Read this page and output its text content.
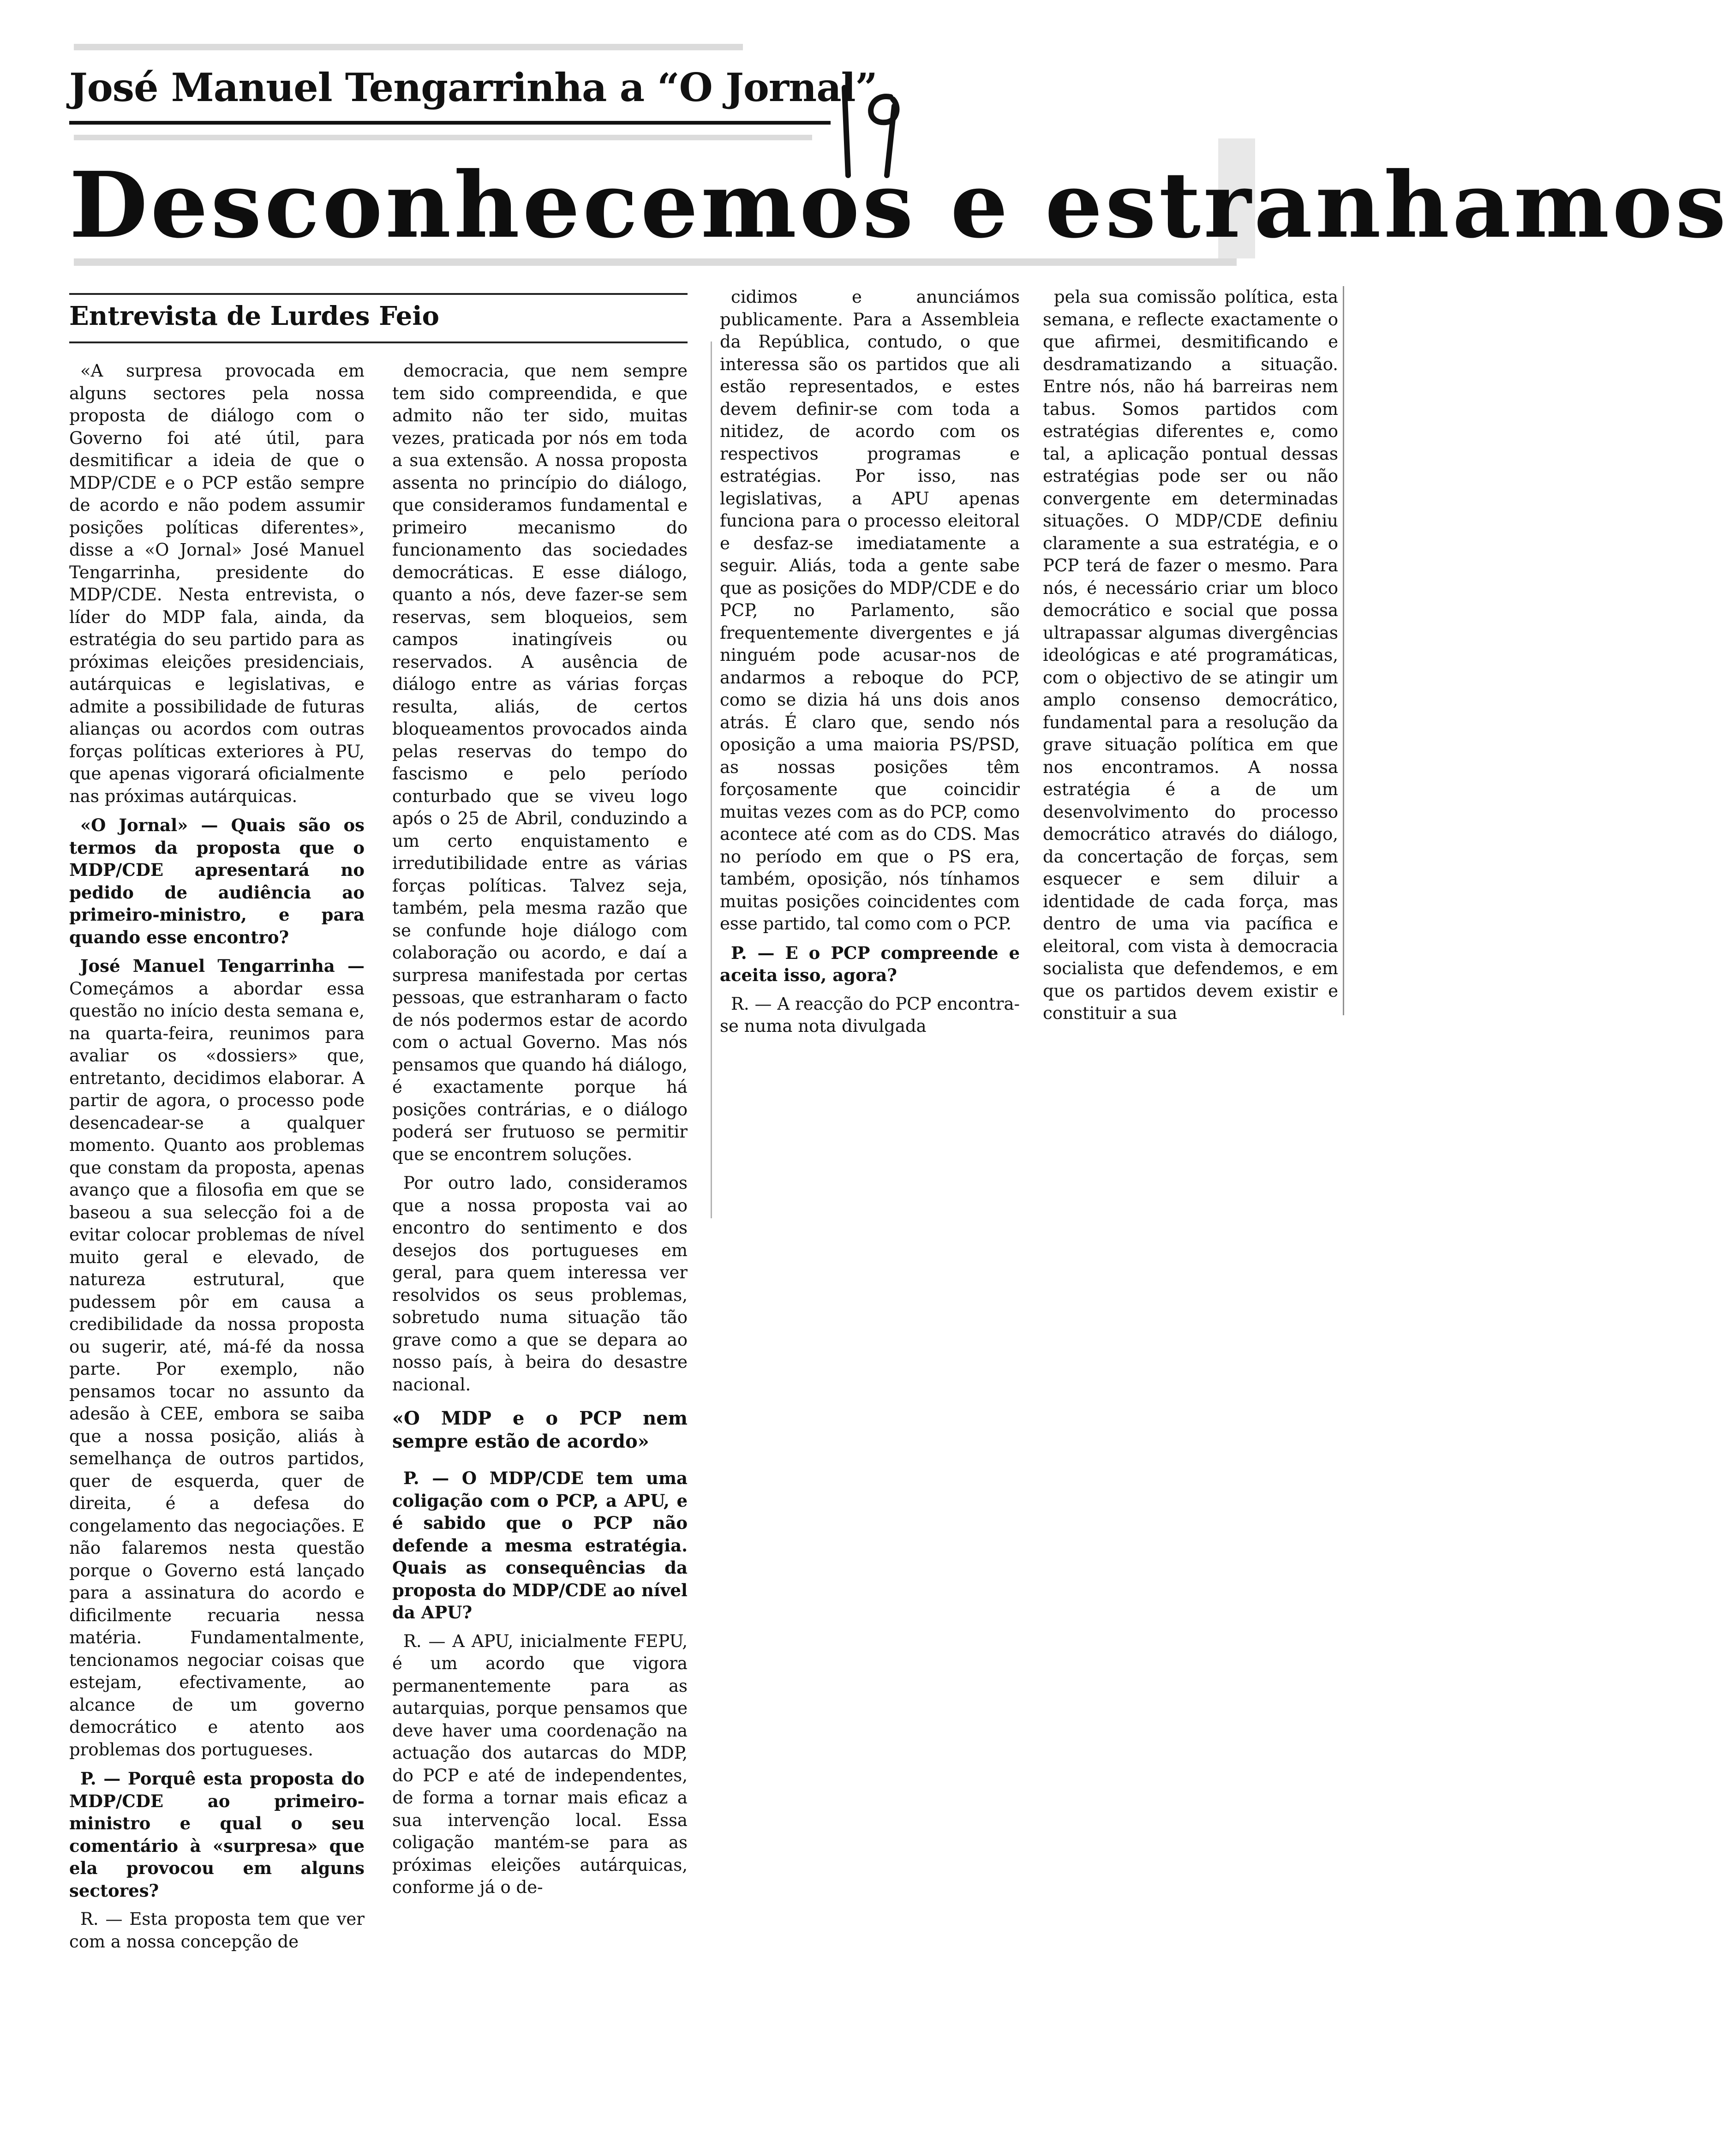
José Manuel Tengarrinha a “O Jornal”
Desconhecemos e estranhamos
Entrevista de Lurdes Feio

«A surpresa provocada em alguns sectores pela nossa proposta de diálogo com o Governo foi até útil, para desmitificar a ideia de que o MDP/CDE e o PCP estão sempre de acordo e não podem assumir posições políticas diferentes», disse a «O Jornal» José Manuel Tengarrinha, presidente do MDP/CDE. Nesta entrevista, o líder do MDP fala, ainda, da estratégia do seu partido para as próximas eleições presidenciais, autárquicas e legislativas, e admite a possibilidade de futuras alianças ou acordos com outras forças políticas exteriores à PU, que apenas vigorará oficialmente nas próximas autárquicas.

«O Jornal» — Quais são os termos da proposta que o MDP/CDE apresentará no pedido de audiência ao primeiro-ministro, e para quando esse encontro?

José Manuel Tengarrinha — Começámos a abordar essa questão no início desta semana e, na quarta-feira, reunimos para avaliar os «dossiers» que, entretanto, decidimos elaborar. A partir de agora, o processo pode desencadear-se a qualquer momento. Quanto aos problemas que constam da proposta, apenas avanço que a filosofia em que se baseou a sua selecção foi a de evitar colocar problemas de nível muito geral e elevado, de natureza estrutural, que pudessem pôr em causa a credibilidade da nossa proposta ou sugerir, até, má-fé da nossa parte. Por exemplo, não pensamos tocar no assunto da adesão à CEE, embora se saiba que a nossa posição, aliás à semelhança de outros partidos, quer de esquerda, quer de direita, é a defesa do congelamento das negociações. E não falaremos nesta questão porque o Governo está lançado para a assinatura do acordo e dificilmente recuaria nessa matéria. Fundamentalmente, tencionamos negociar coisas que estejam, efectivamente, ao alcance de um governo democrático e atento aos problemas dos portugueses.

P. — Porquê esta proposta do MDP/CDE ao primeiro-ministro e qual o seu comentário à «surpresa» que ela provocou em alguns sectores?

R. — Esta proposta tem que ver com a nossa concepção de

democracia, que nem sempre tem sido compreendida, e que admito não ter sido, muitas vezes, praticada por nós em toda a sua extensão. A nossa proposta assenta no princípio do diálogo, que consideramos fundamental e primeiro mecanismo do funcionamento das sociedades democráticas. E esse diálogo, quanto a nós, deve fazer-se sem reservas, sem bloqueios, sem campos inatingíveis ou reservados. A ausência de diálogo entre as várias forças resulta, aliás, de certos bloqueamentos provocados ainda pelas reservas do tempo do fascismo e pelo período conturbado que se viveu logo após o 25 de Abril, conduzindo a um certo enquistamento e irredutibilidade entre as várias forças políticas. Talvez seja, também, pela mesma razão que se confunde hoje diálogo com colaboração ou acordo, e daí a surpresa manifestada por certas pessoas, que estranharam o facto de nós podermos estar de acordo com o actual Governo. Mas nós pensamos que quando há diálogo, é exactamente porque há posições contrárias, e o diálogo poderá ser frutuoso se permitir que se encontrem soluções.

Por outro lado, consideramos que a nossa proposta vai ao encontro do sentimento e dos desejos dos portugueses em geral, para quem interessa ver resolvidos os seus problemas, sobretudo numa situação tão grave como a que se depara ao nosso país, à beira do desastre nacional.

«O MDP e o PCP nem sempre estão de acordo»

P. — O MDP/CDE tem uma coligação com o PCP, a APU, e é sabido que o PCP não defende a mesma estratégia. Quais as consequências da proposta do MDP/CDE ao nível da APU?

R. — A APU, inicialmente FEPU, é um acordo que vigora permanentemente para as autarquias, porque pensamos que deve haver uma coordenação na actuação dos autarcas do MDP, do PCP e até de independentes, de forma a tornar mais eficaz a sua intervenção local. Essa coligação mantém-se para as próximas eleições autárquicas, conforme já o de-

cidimos e anunciámos publicamente. Para a Assembleia da República, contudo, o que interessa são os partidos que ali estão representados, e estes devem definir-se com toda a nitidez, de acordo com os respectivos programas e estratégias. Por isso, nas legislativas, a APU apenas funciona para o processo eleitoral e desfaz-se imediatamente a seguir. Aliás, toda a gente sabe que as posições do MDP/CDE e do PCP, no Parlamento, são frequentemente divergentes e já ninguém pode acusar-nos de andarmos a reboque do PCP, como se dizia há uns dois anos atrás. É claro que, sendo nós oposição a uma maioria PS/PSD, as nossas posições têm forçosamente que coincidir muitas vezes com as do PCP, como acontece até com as do CDS. Mas no período em que o PS era, também, oposição, nós tínhamos muitas posições coincidentes com esse partido, tal como com o PCP.

P. — E o PCP compreende e aceita isso, agora?

R. — A reacção do PCP encontra-se numa nota divulgada

pela sua comissão política, esta semana, e reflecte exactamente o que afirmei, desmitificando e desdramatizando a situação. Entre nós, não há barreiras nem tabus. Somos partidos com estratégias diferentes e, como tal, a aplicação pontual dessas estratégias pode ser ou não convergente em determinadas situações. O MDP/CDE definiu claramente a sua estratégia, e o PCP terá de fazer o mesmo. Para nós, é necessário criar um bloco democrático e social que possa ultrapassar algumas divergências ideológicas e até programáticas, com o objectivo de se atingir um amplo consenso democrático, fundamental para a resolução da grave situação política em que nos encontramos. A nossa estratégia é a de um desenvolvimento do processo democrático através do diálogo, da concertação de forças, sem esquecer e sem diluir a identidade de cada força, mas dentro de uma via pacífica e eleitoral, com vista à democracia socialista que defendemos, e em que os partidos devem existir e constituir a sua
